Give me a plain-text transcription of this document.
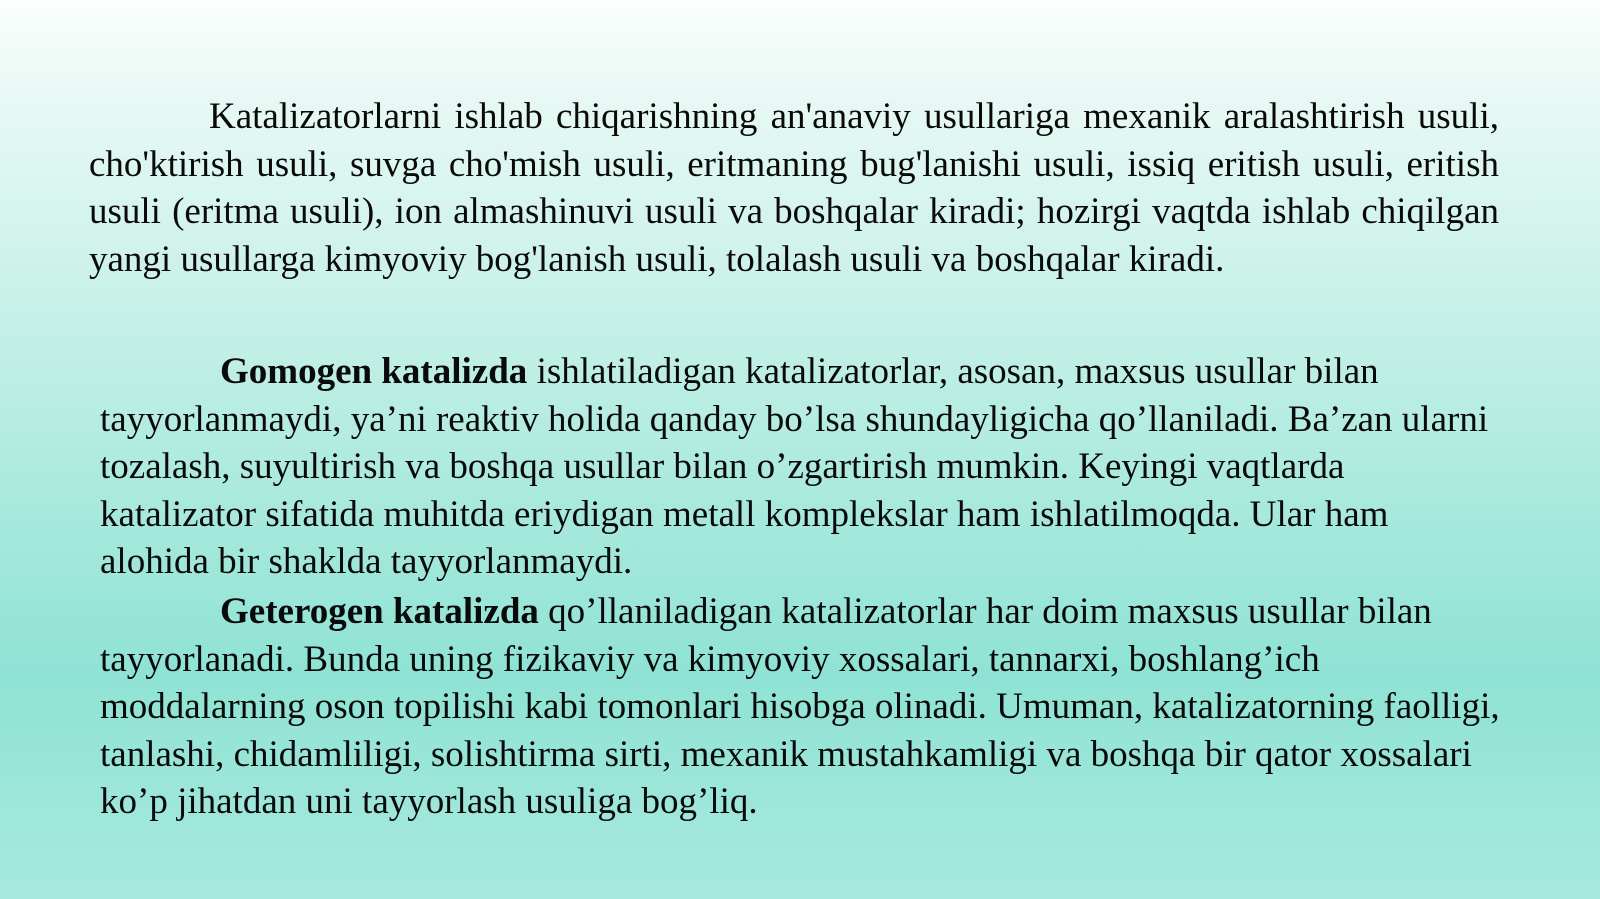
Katalizatorlarni ishlab chiqarishning an'anaviy usullariga mexanik aralashtirish usuli, cho'ktirish usuli, suvga cho'mish usuli, eritmaning bug'lanishi usuli, issiq eritish usuli, eritish usuli (eritma usuli), ion almashinuvi usuli va boshqalar kiradi; hozirgi vaqtda ishlab chiqilgan yangi usullarga kimyoviy bog'lanish usuli, tolalash usuli va boshqalar kiradi.

Gomogen katalizda ishlatiladigan katalizatorlar, asosan, maxsus usullar bilan tayyorlanmaydi, ya’ni reaktiv holida qanday bo’lsa shundayligicha qo’llaniladi. Ba’zan ularni tozalash, suyultirish va boshqa usullar bilan o’zgartirish mumkin. Keyingi vaqtlarda katalizator sifatida muhitda eriydigan metall komplekslar ham ishlatilmoqda. Ular ham alohida bir shakldа tayyorlanmaydi.

Geterogen katalizda qo’llaniladigan katalizatorlar har doim maxsus usullar bilan tayyorlanadi. Bunda uning fizikaviy va kimyoviy xossalari, tannarxi, boshlang’ich moddalarning oson topilishi kabi tomonlari hisobga olinadi. Umuman, katalizatorning faolligi, tanlashi, chidamliligi, solishtirma sirti, mexanik mustahkamligi va boshqa bir qator xossalari ko’p jihatdan uni tayyorlash usuliga bog’liq.
